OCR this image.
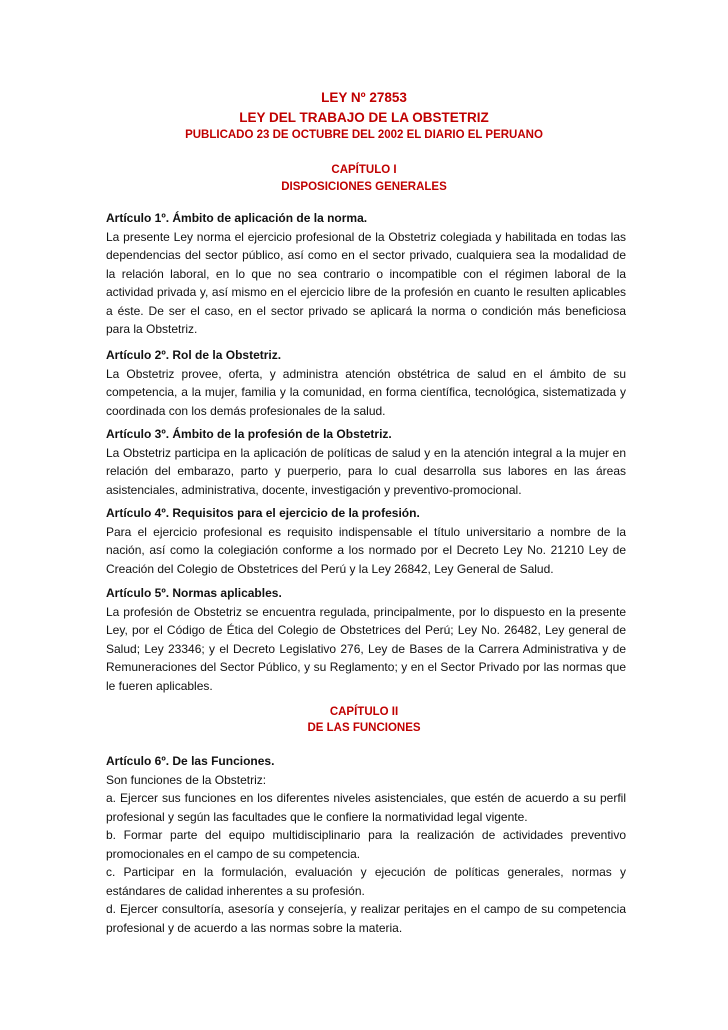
LEY Nº 27853
LEY DEL TRABAJO DE LA OBSTETRIZ
PUBLICADO 23 DE OCTUBRE DEL 2002 EL DIARIO EL PERUANO
CAPÍTULO I
DISPOSICIONES GENERALES
Artículo 1º. Ámbito de aplicación de la norma.

La presente Ley norma el ejercicio profesional de la Obstetriz colegiada y habilitada en todas las dependencias del sector público, así como en el sector privado, cualquiera sea la modalidad de la relación laboral, en lo que no sea contrario o incompatible con el régimen laboral de la actividad privada y, así mismo en el ejercicio libre de la profesión en cuanto le resulten aplicables a éste. De ser el caso, en el sector privado se aplicará la norma o condición más beneficiosa para la Obstetriz.

Artículo 2º. Rol de la Obstetriz.

La Obstetriz provee, oferta, y administra atención obstétrica de salud en el ámbito de su competencia, a la mujer, familia y la comunidad, en forma científica, tecnológica, sistematizada y coordinada con los demás profesionales de la salud.

Artículo 3º. Ámbito de la profesión de la Obstetriz.

La Obstetriz participa en la aplicación de políticas de salud y en la atención integral a la mujer en relación del embarazo, parto y puerperio, para lo cual desarrolla sus labores en las áreas asistenciales, administrativa, docente, investigación y preventivo-promocional.

Artículo 4º. Requisitos para el ejercicio de la profesión.

Para el ejercicio profesional es requisito indispensable el título universitario a nombre de la nación, así como la colegiación conforme a los normado por el Decreto Ley No. 21210 Ley de Creación del Colegio de Obstetrices del Perú y la Ley 26842, Ley General de Salud.

Artículo 5º. Normas aplicables.

La profesión de Obstetriz se encuentra regulada, principalmente, por lo dispuesto en la presente Ley, por el Código de Ética del Colegio de Obstetrices del Perú; Ley No. 26482, Ley general de Salud; Ley 23346; y el Decreto Legislativo 276, Ley de Bases de la Carrera Administrativa y de Remuneraciones del Sector Público, y su Reglamento; y en el Sector Privado por las normas que le fueren aplicables.

CAPÍTULO II
DE LAS FUNCIONES
Artículo 6º. De las Funciones.

Son funciones de la Obstetriz:

a. Ejercer sus funciones en los diferentes niveles asistenciales, que estén de acuerdo a su perfil profesional y según las facultades que le confiere la normatividad legal vigente.

b. Formar parte del equipo multidisciplinario para la realización de actividades preventivo promocionales en el campo de su competencia.

c. Participar en la formulación, evaluación y ejecución de políticas generales, normas y estándares de calidad inherentes a su profesión.

d. Ejercer consultoría, asesoría y consejería, y realizar peritajes en el campo de su competencia profesional y de acuerdo a las normas sobre la materia.
